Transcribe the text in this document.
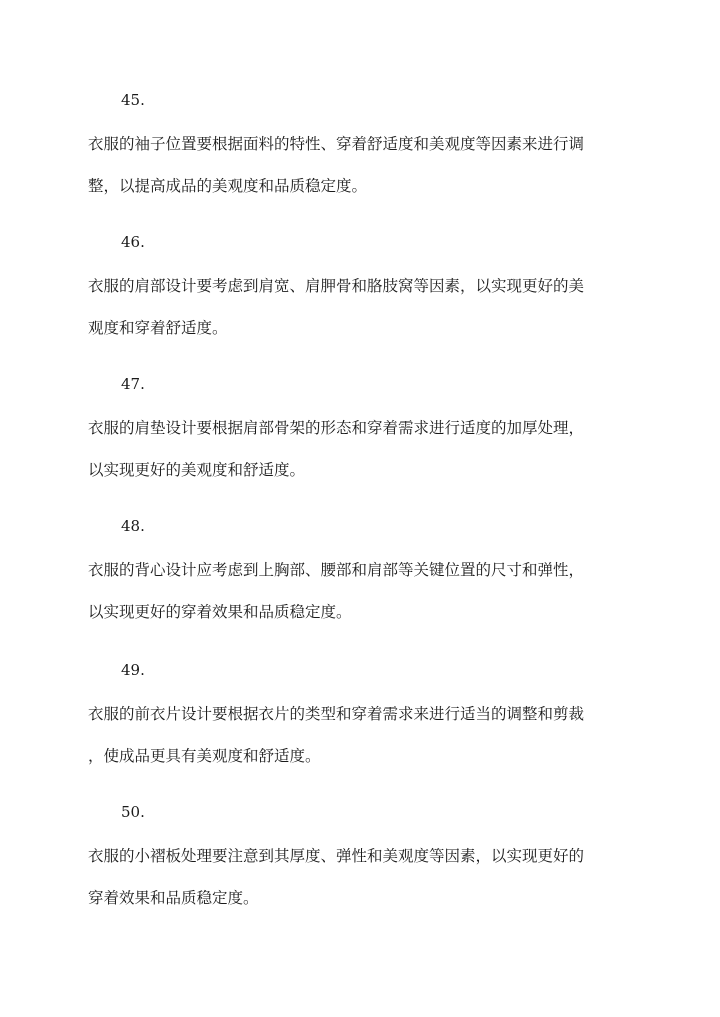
45.
衣服的袖子位置要根据面料的特性、穿着舒适度和美观度等因素来进行调
整，以提高成品的美观度和品质稳定度。
46.
衣服的肩部设计要考虑到肩宽、肩胛骨和胳肢窝等因素，以实现更好的美
观度和穿着舒适度。
47.
衣服的肩垫设计要根据肩部骨架的形态和穿着需求进行适度的加厚处理，
以实现更好的美观度和舒适度。
48.
衣服的背心设计应考虑到上胸部、腰部和肩部等关键位置的尺寸和弹性，
以实现更好的穿着效果和品质稳定度。
49.
衣服的前衣片设计要根据衣片的类型和穿着需求来进行适当的调整和剪裁
，使成品更具有美观度和舒适度。
50.
衣服的小褶板处理要注意到其厚度、弹性和美观度等因素，以实现更好的
穿着效果和品质稳定度。
